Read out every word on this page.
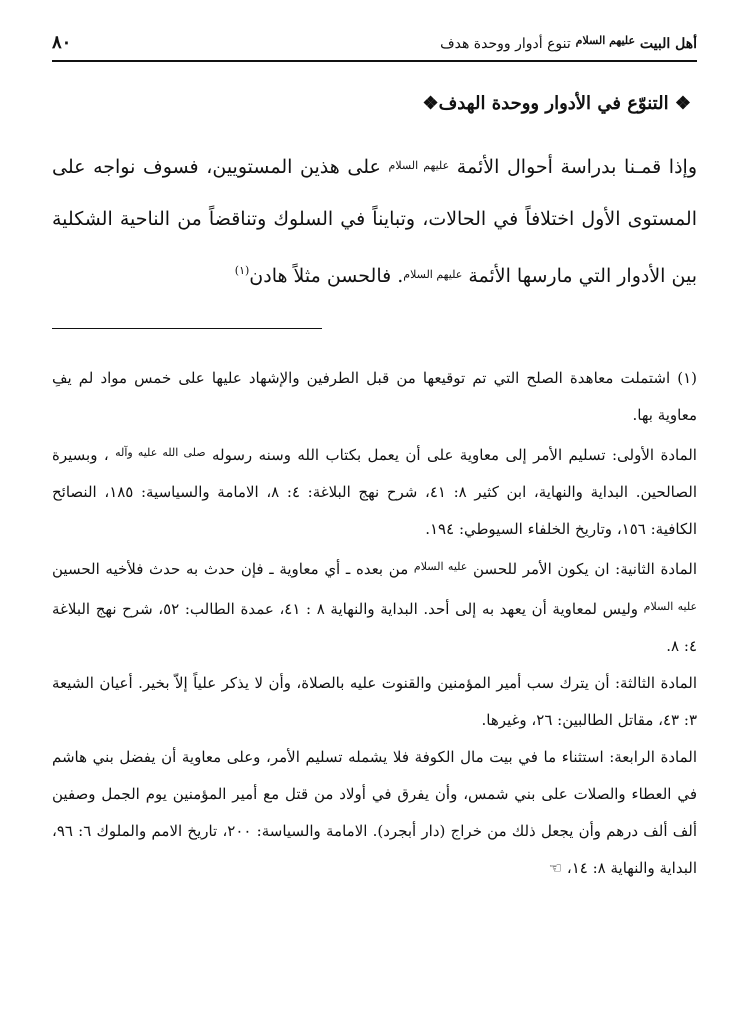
أهل البيت $^{عليهم السلام}$ تنوع أدوار ووحدة هدف
٨٠
❖ التنوّع في الأدوار ووحدة الهدف❖

وإذا قمـنا بدراسة أحوال الأئمة $^{عليهم السلام}$ على هذين المستويين، فسوف نواجه على المستوى الأول اختلافاً في الحالات، وتبايناً في السلوك وتناقضاً من الناحية الشكلية بين الأدوار التي مارسها الأئمة $^{عليهم السلام}$. فالحسن مثلاً هادن$^{(١)}$

(١) اشتملت معاهدة الصلح التي تم توقيعها من قبل الطرفين والإشهاد عليها على خمس مواد لم يفِ معاوية بها.

المادة الأولى: تسليم الأمر إلى معاوية على أن يعمل بكتاب الله وسنه رسوله $^{صلى الله عليه وآله}$ ، وبسيرة الصالحين. البداية والنهاية، ابن كثير ٨: ٤١، شرح نهج البلاغة: ٤: ٨، الامامة والسياسية: ١٨٥، النصائح الكافية: ١٥٦، وتاريخ الخلفاء السيوطي: ١٩٤.

المادة الثانية: ان يكون الأمر للحسن $^{عليه السلام}$ من بعده ـ أي معاوية ـ فإن حدث به حدث فلأخيه الحسين $^{عليه السلام}$ وليس لمعاوية أن يعهد به إلى أحد. البداية والنهاية ٨ : ٤١، عمدة الطالب: ٥٢، شرح نهج البلاغة ٤: ٨.

المادة الثالثة: أن يترك سب أمير المؤمنين والقنوت عليه بالصلاة، وأن لا يذكر علياً إلاّ بخير. أعيان الشيعة ٣: ٤٣، مقاتل الطالبين: ٢٦، وغيرها.

المادة الرابعة: استثناء ما في بيت مال الكوفة فلا يشمله تسليم الأمر، وعلى معاوية أن يفضل بني هاشم في العطاء والصلات على بني شمس، وأن يفرق في أولاد من قتل مع أمير المؤمنين يوم الجمل وصفين ألف ألف درهم وأن يجعل ذلك من خراج (دار أبجرد). الامامة والسياسة: ٢٠٠، تاريخ الامم والملوك ٦: ٩٦، البداية والنهاية ٨: ١٤، ☜
